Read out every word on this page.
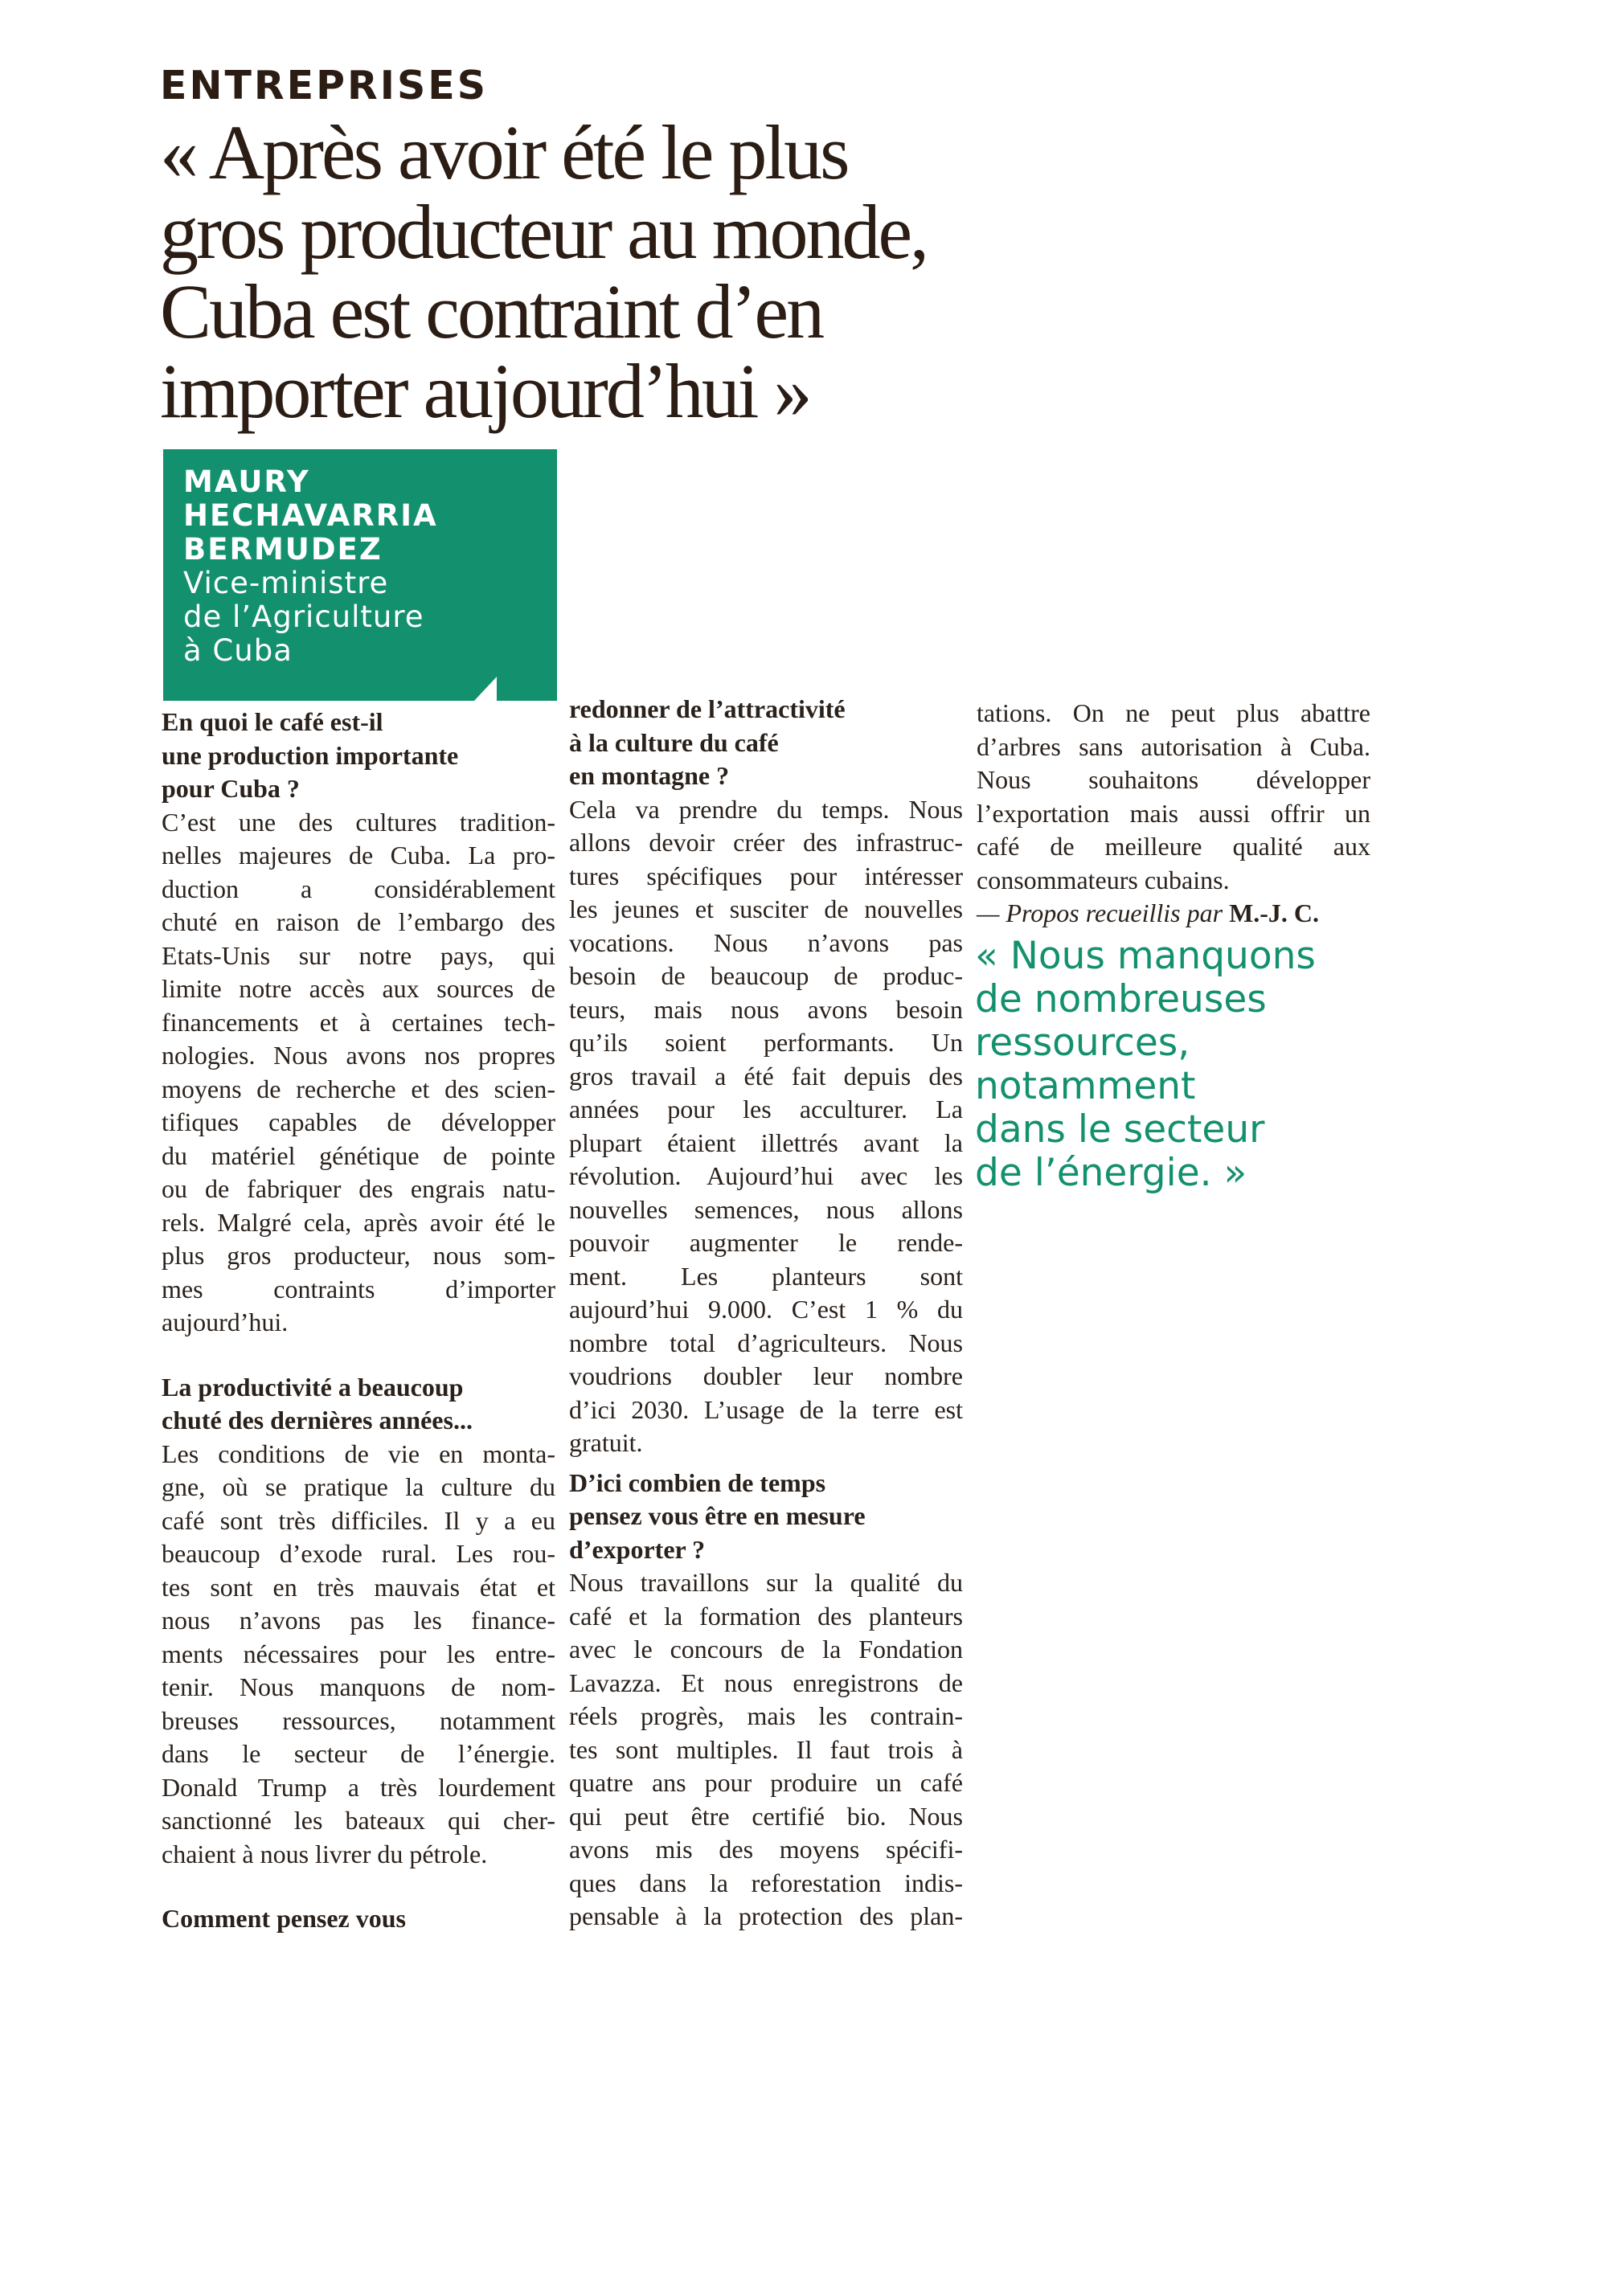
ENTREPRISES
« Après avoir été le plus
gros producteur au monde,
Cuba est contraint d’en
importer aujourd’hui »
MAURY
HECHAVARRIA
BERMUDEZ
Vice-ministre
de l’Agriculture
à Cuba
En quoi le café est-il
une production importante
pour Cuba ?
C’est une des cultures tradition-
nelles majeures de Cuba. La pro-
duction a considérablement
chuté en raison de l’embargo des
Etats-Unis sur notre pays, qui
limite notre accès aux sources de
financements et à certaines tech-
nologies. Nous avons nos propres
moyens de recherche et des scien-
tifiques capables de développer
du matériel génétique de pointe
ou de fabriquer des engrais natu-
rels. Malgré cela, après avoir été le
plus gros producteur, nous som-
mes contraints d’importer
aujourd’hui.
La productivité a beaucoup
chuté des dernières années...
Les conditions de vie en monta-
gne, où se pratique la culture du
café sont très difficiles. Il y a eu
beaucoup d’exode rural. Les rou-
tes sont en très mauvais état et
nous n’avons pas les finance-
ments nécessaires pour les entre-
tenir. Nous manquons de nom-
breuses ressources, notamment
dans le secteur de l’énergie.
Donald Trump a très lourdement
sanctionné les bateaux qui cher-
chaient à nous livrer du pétrole.
Comment pensez vous
redonner de l’attractivité
à la culture du café
en montagne ?
Cela va prendre du temps. Nous
allons devoir créer des infrastruc-
tures spécifiques pour intéresser
les jeunes et susciter de nouvelles
vocations. Nous n’avons pas
besoin de beaucoup de produc-
teurs, mais nous avons besoin
qu’ils soient performants. Un
gros travail a été fait depuis des
années pour les acculturer. La
plupart étaient illettrés avant la
révolution. Aujourd’hui avec les
nouvelles semences, nous allons
pouvoir augmenter le rende-
ment. Les planteurs sont
aujourd’hui 9.000. C’est 1 % du
nombre total d’agriculteurs. Nous
voudrions doubler leur nombre
d’ici 2030. L’usage de la terre est
gratuit.
D’ici combien de temps
pensez vous être en mesure
d’exporter ?
Nous travaillons sur la qualité du
café et la formation des planteurs
avec le concours de la Fondation
Lavazza. Et nous enregistrons de
réels progrès, mais les contrain-
tes sont multiples. Il faut trois à
quatre ans pour produire un café
qui peut être certifié bio. Nous
avons mis des moyens spécifi-
ques dans la reforestation indis-
pensable à la protection des plan-
tations. On ne peut plus abattre
d’arbres sans autorisation à Cuba.
Nous souhaitons développer
l’exportation mais aussi offrir un
café de meilleure qualité aux
consommateurs cubains.
— Propos recueillis par M.-J. C.
« Nous manquons
de nombreuses
ressources,
notamment
dans le secteur
de l’énergie. »
